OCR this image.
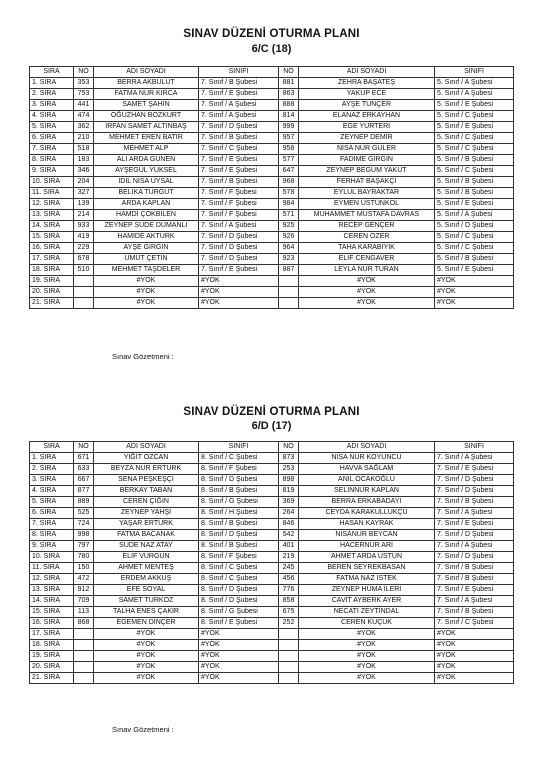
SINAV DÜZENİ OTURMA PLANI
6/C (18)
SIRA	NO	ADI SOYADI	SINIFI	NO	ADI SOYADI	SINIFI
1. SIRA	353	BERRA AKBULUT	7. Sınıf / B Şubesi	881	ZEHRA BAŞATEŞ	5. Sınıf / A Şubesi
2. SIRA	753	FATMA NUR KIRCA	7. Sınıf / E Şubesi	863	YAKUP ECE	5. Sınıf / A Şubesi
3. SIRA	441	SAMET ŞAHİN	7. Sınıf / A Şubesi	888	AYŞE TUNÇER	5. Sınıf / E Şubesi
4. SIRA	474	OĞUZHAN BOZKURT	7. Sınıf / A Şubesi	814	ELANAZ ERKAYHAN	5. Sınıf / C Şubesi
5. SIRA	362	İRFAN SAMET ALTINBAŞ	7. Sınıf / D Şubesi	999	EGE YURTERİ	5. Sınıf / E Şubesi
6. SIRA	210	MEHMET EREN BATIR	7. Sınıf / B Şubesi	957	ZEYNEP DEMİR	5. Sınıf / C Şubesi
7. SIRA	518	MEHMET ALP	7. Sınıf / C Şubesi	958	NİSA NUR GÜLER	5. Sınıf / C Şubesi
8. SIRA	183	ALİ ARDA GÜNEN	7. Sınıf / E Şubesi	577	FADİME GİRGİN	5. Sınıf / B Şubesi
9. SIRA	346	AYŞEGÜL YÜKSEL	7. Sınıf / E Şubesi	647	ZEYNEP BEGÜM YAKUT	5. Sınıf / C Şubesi
10. SIRA	204	İDİL NİSA UYSAL	7. Sınıf / B Şubesi	968	FERHAT BAŞAKÇI	5. Sınıf / B Şubesi
11. SIRA	327	BELİKA TURGUT	7. Sınıf / F Şubesi	578	EYLÜL BAYRAKTAR	5. Sınıf / B Şubesi
12. SIRA	139	ARDA KAPLAN	7. Sınıf / F Şubesi	984	EYMEN ÜSTÜNKOL	5. Sınıf / E Şubesi
13. SIRA	214	HAMDİ ÇOKBİLEN	7. Sınıf / F Şubesi	571	MUHAMMET MUSTAFA DAVRAS	5. Sınıf / A Şubesi
14. SIRA	933	ZEYNEP SUDE DUMANLI	7. Sınıf / A Şubesi	925	RECEP GENÇER	5. Sınıf / D Şubesi
15. SIRA	419	HAMİDE AKTÜRK	7. Sınıf / D Şubesi	926	CEREN ÖZER	5. Sınıf / C Şubesi
16. SIRA	229	AYŞE GİRGİN	7. Sınıf / D Şubesi	964	TAHA KARABIYIK	5. Sınıf / C Şubesi
17. SIRA	678	UMUT ÇETİN	7. Sınıf / D Şubesi	923	ELİF CENGAVER	5. Sınıf / B Şubesi
18. SIRA	510	MEHMET TAŞDELER	7. Sınıf / E Şubesi	887	LEYLA NUR TURAN	5. Sınıf / E Şubesi
19. SIRA		#YOK	#YOK		#YOK	#YOK
20. SIRA		#YOK	#YOK		#YOK	#YOK
21. SIRA		#YOK	#YOK		#YOK	#YOK
Sınav Gözetmeni :
SINAV DÜZENİ OTURMA PLANI
6/D (17)
SIRA	NO	ADI SOYADI	SINIFI	NO	ADI SOYADI	SINIFI
1. SIRA	671	YİĞİT ÖZCAN	8. Sınıf / C Şubesi	873	NİSA NUR KOYUNCU	7. Sınıf / A Şubesi
2. SIRA	633	BEYZA NUR ERTÜRK	8. Sınıf / F Şubesi	253	HAVVA SAĞLAM	7. Sınıf / E Şubesi
3. SIRA	667	SENA PEŞKEŞÇİ	8. Sınıf / D Şubesi	898	ANIL OCAKOĞLU	7. Sınıf / D Şubesi
4. SIRA	877	BERKAY TABAN	8. Sınıf / B Şubesi	819	SELİNNUR KAPLAN	7. Sınıf / D Şubesi
5. SIRA	889	CEREN ÇİĞİN	8. Sınıf / G Şubesi	369	BERRA ERKABADAYI	7. Sınıf / B Şubesi
6. SIRA	525	ZEYNEP YAHŞİ	8. Sınıf / H Şubesi	264	CEYDA KARAKULLUKÇU	7. Sınıf / A Şubesi
7. SIRA	724	YAŞAR ERTÜRK	8. Sınıf / B Şubesi	846	HASAN KAYRAK	7. Sınıf / E Şubesi
8. SIRA	998	FATMA BACANAK	8. Sınıf / D Şubesi	542	NİSANUR BEYCAN	7. Sınıf / D Şubesi
9. SIRA	797	SUDE NAZ ATAY	8. Sınıf / B Şubesi	401	HACERNUR ARI	7. Sınıf / A Şubesi
10. SIRA	780	ELİF VURGUN	8. Sınıf / F Şubesi	219	AHMET ARDA ÜSTÜN	7. Sınıf / D Şubesi
11. SIRA	150	AHMET MENTEŞ	8. Sınıf / C Şubesi	245	BEREN SEYREKBASAN	7. Sınıf / B Şubesi
12. SIRA	472	ERDEM AKKUŞ	8. Sınıf / C Şubesi	456	FATMA NAZ İSTEK	7. Sınıf / B Şubesi
13. SIRA	912	EFE SOYAL	8. Sınıf / D Şubesi	776	ZEYNEP HÜMA İLERİ	7. Sınıf / E Şubesi
14. SIRA	709	SAMET TÜRKÖZ	8. Sınıf / D Şubesi	858	CAVİT AYBERK AYER	7. Sınıf / A Şubesi
15. SIRA	113	TALHA ENES ÇAKIR	8. Sınıf / G Şubesi	675	NECATİ ZEYTİNDAL	7. Sınıf / B Şubesi
16. SIRA	868	EGEMEN DİNÇER	8. Sınıf / E Şubesi	252	CEREN KÜÇÜK	7. Sınıf / C Şubesi
17. SIRA		#YOK	#YOK		#YOK	#YOK
18. SIRA		#YOK	#YOK		#YOK	#YOK
19. SIRA		#YOK	#YOK		#YOK	#YOK
20. SIRA		#YOK	#YOK		#YOK	#YOK
21. SIRA		#YOK	#YOK		#YOK	#YOK
Sınav Gözetmeni :
